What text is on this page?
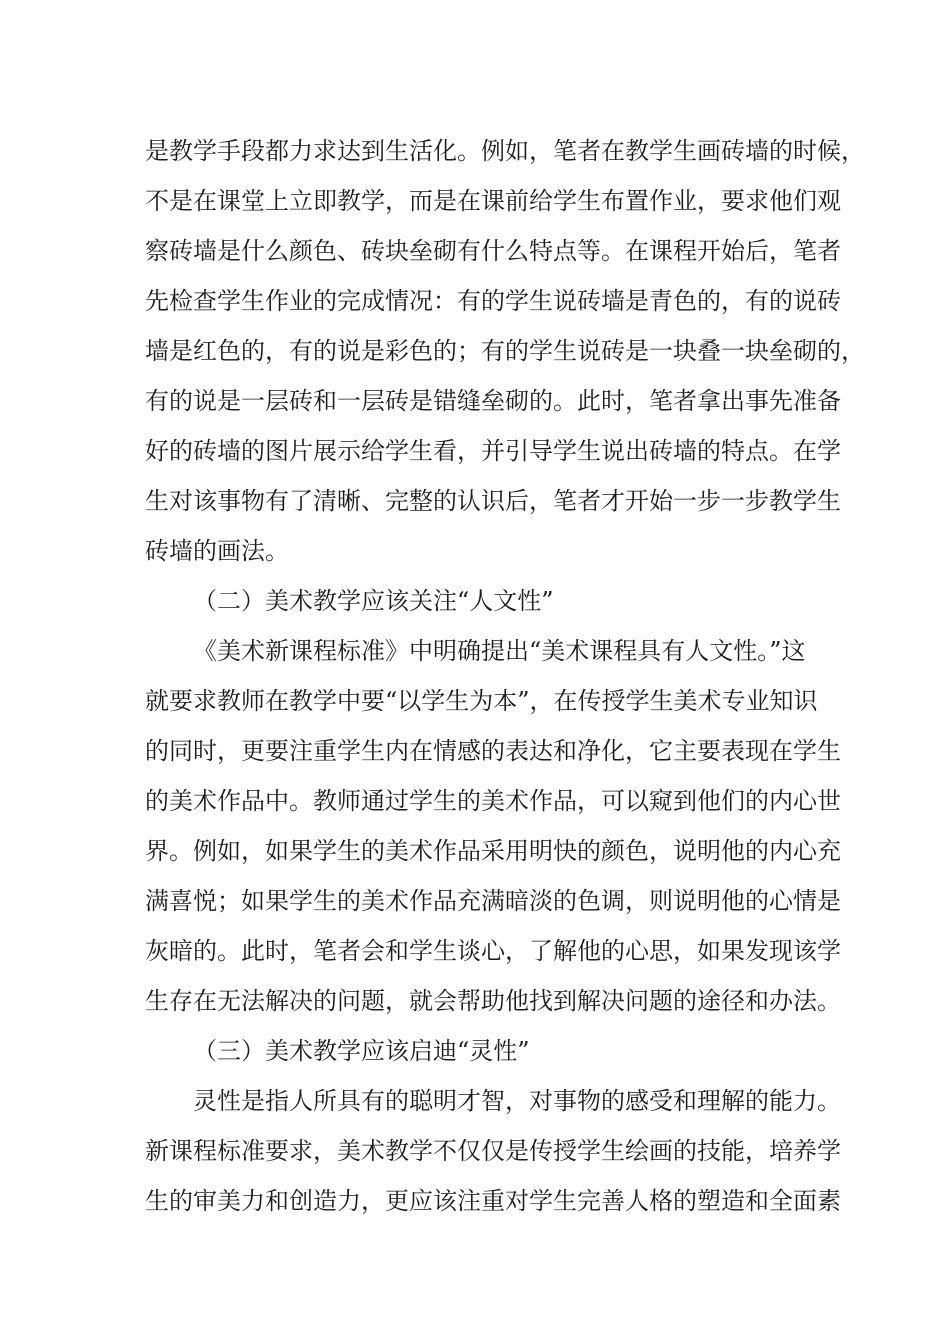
是教学手段都力求达到生活化。例如，笔者在教学生画砖墙的时候，
不是在课堂上立即教学，而是在课前给学生布置作业，要求他们观
察砖墙是什么颜色、砖块垒砌有什么特点等。在课程开始后，笔者
先检查学生作业的完成情况：有的学生说砖墙是青色的，有的说砖
墙是红色的，有的说是彩色的；有的学生说砖是一块叠一块垒砌的，
有的说是一层砖和一层砖是错缝垒砌的。此时，笔者拿出事先准备
好的砖墙的图片展示给学生看，并引导学生说出砖墙的特点。在学
生对该事物有了清晰、完整的认识后，笔者才开始一步一步教学生
砖墙的画法。
（二）美术教学应该关注“人文性”
《美术新课程标准》中明确提出“美术课程具有人文性。”这
就要求教师在教学中要“以学生为本”，在传授学生美术专业知识
的同时，更要注重学生内在情感的表达和净化，它主要表现在学生
的美术作品中。教师通过学生的美术作品，可以窥到他们的内心世
界。例如，如果学生的美术作品采用明快的颜色，说明他的内心充
满喜悦；如果学生的美术作品充满暗淡的色调，则说明他的心情是
灰暗的。此时，笔者会和学生谈心，了解他的心思，如果发现该学
生存在无法解决的问题，就会帮助他找到解决问题的途径和办法。
（三）美术教学应该启迪“灵性”
灵性是指人所具有的聪明才智，对事物的感受和理解的能力。
新课程标准要求，美术教学不仅仅是传授学生绘画的技能，培养学
生的审美力和创造力，更应该注重对学生完善人格的塑造和全面素
